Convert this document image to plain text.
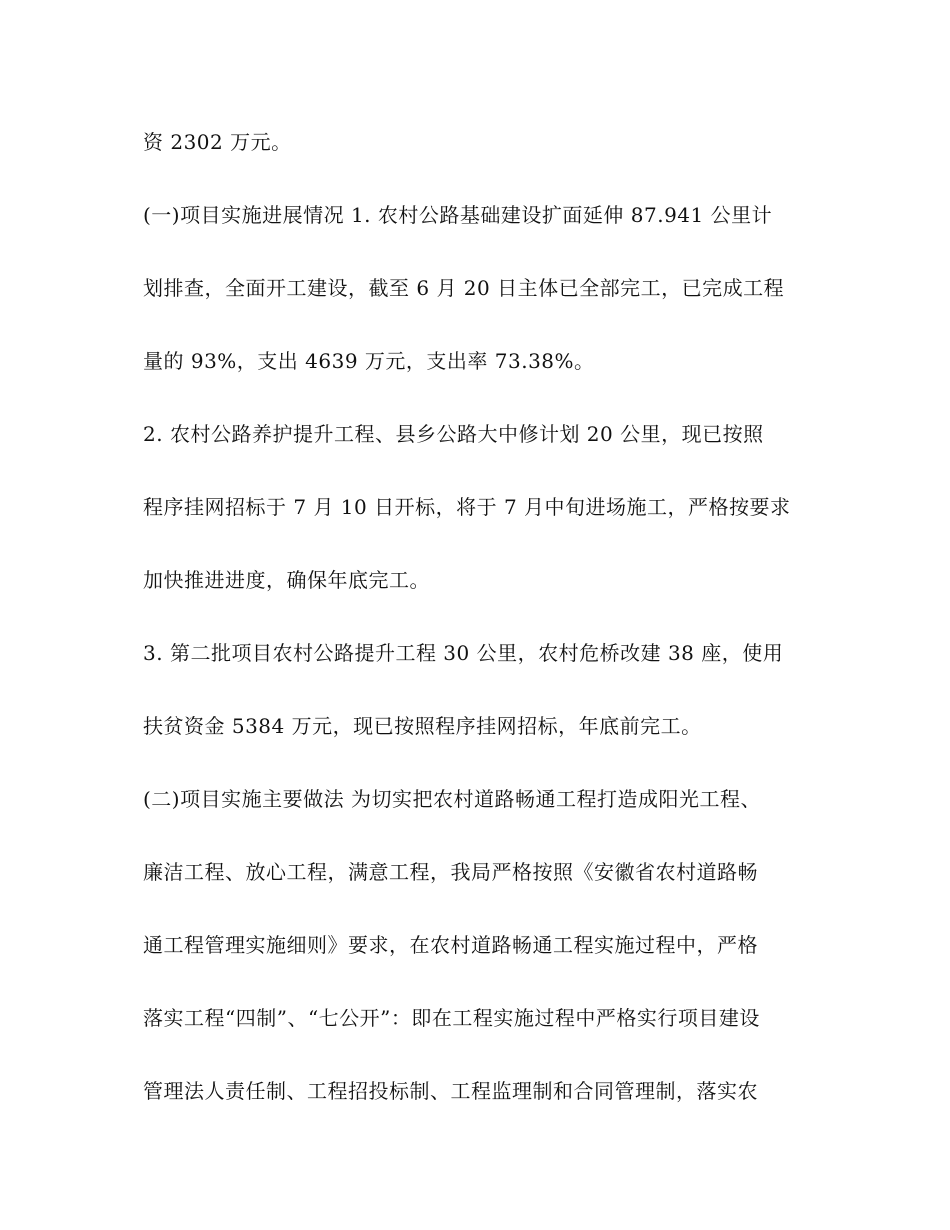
资 2302 万元。
(一)项目实施进展情况 1. 农村公路基础建设扩面延伸 87.941 公里计
划排查，全面开工建设，截至 6 月 20 日主体已全部完工，已完成工程
量的 93%，支出 4639 万元，支出率 73.38%。
2. 农村公路养护提升工程、县乡公路大中修计划 20 公里，现已按照
程序挂网招标于 7 月 10 日开标，将于 7 月中旬进场施工，严格按要求
加快推进进度，确保年底完工。
3. 第二批项目农村公路提升工程 30 公里，农村危桥改建 38 座，使用
扶贫资金 5384 万元，现已按照程序挂网招标，年底前完工。
(二)项目实施主要做法 为切实把农村道路畅通工程打造成阳光工程、
廉洁工程、放心工程，满意工程，我局严格按照《安徽省农村道路畅
通工程管理实施细则》要求，在农村道路畅通工程实施过程中，严格
落实工程“四制”、“七公开”：即在工程实施过程中严格实行项目建设
管理法人责任制、工程招投标制、工程监理制和合同管理制，落实农
